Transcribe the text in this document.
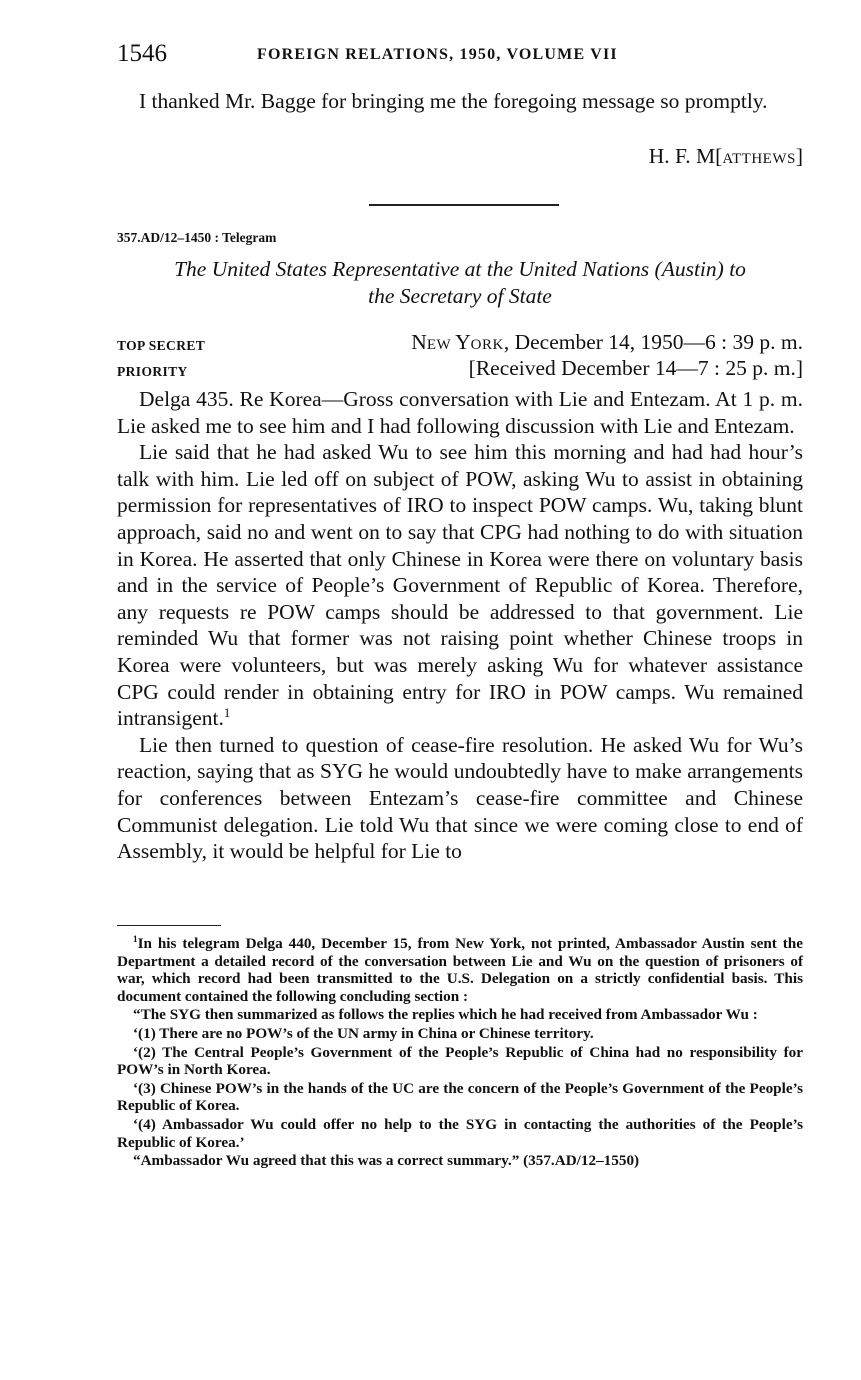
1546	FOREIGN RELATIONS, 1950, VOLUME VII

I thanked Mr. Bagge for bringing me the foregoing message so promptly.

H. F. M[ATTHEWS]
357.AD/12–1450 : Telegram
The United States Representative at the United Nations (Austin) to
the Secretary of State
TOP SECRET	NEW YORK, December 14, 1950—6 : 39 p. m.
PRIORITY	[Received December 14—7 : 25 p. m.]

Delga 435. Re Korea—Gross conversation with Lie and Entezam. At 1 p. m. Lie asked me to see him and I had following discussion with Lie and Entezam.

Lie said that he had asked Wu to see him this morning and had had hour’s talk with him. Lie led off on subject of POW, asking Wu to assist in obtaining permission for representatives of IRO to inspect POW camps. Wu, taking blunt approach, said no and went on to say that CPG had nothing to do with situation in Korea. He asserted that only Chinese in Korea were there on voluntary basis and in the service of People’s Government of Republic of Korea. Therefore, any requests re POW camps should be addressed to that government. Lie reminded Wu that former was not raising point whether Chinese troops in Korea were volunteers, but was merely asking Wu for whatever assistance CPG could render in obtaining entry for IRO in POW camps. Wu remained intransigent.$^1$

Lie then turned to question of cease-fire resolution. He asked Wu for Wu’s reaction, saying that as SYG he would undoubtedly have to make arrangements for conferences between Entezam’s cease-fire committee and Chinese Communist delegation. Lie told Wu that since we were coming close to end of Assembly, it would be helpful for Lie to

$^1$In his telegram Delga 440, December 15, from New York, not printed, Ambassador Austin sent the Department a detailed record of the conversation between Lie and Wu on the question of prisoners of war, which record had been transmitted to the U.S. Delegation on a strictly confidential basis. This document contained the following concluding section :

“The SYG then summarized as follows the replies which he had received from Ambassador Wu :

‘(1) There are no POW’s of the UN army in China or Chinese territory.

‘(2) The Central People’s Government of the People’s Republic of China had no responsibility for POW’s in North Korea.

‘(3) Chinese POW’s in the hands of the UC are the concern of the People’s Government of the People’s Republic of Korea.

‘(4) Ambassador Wu could offer no help to the SYG in contacting the authorities of the People’s Republic of Korea.’

“Ambassador Wu agreed that this was a correct summary.” (357.AD/12–1550)
